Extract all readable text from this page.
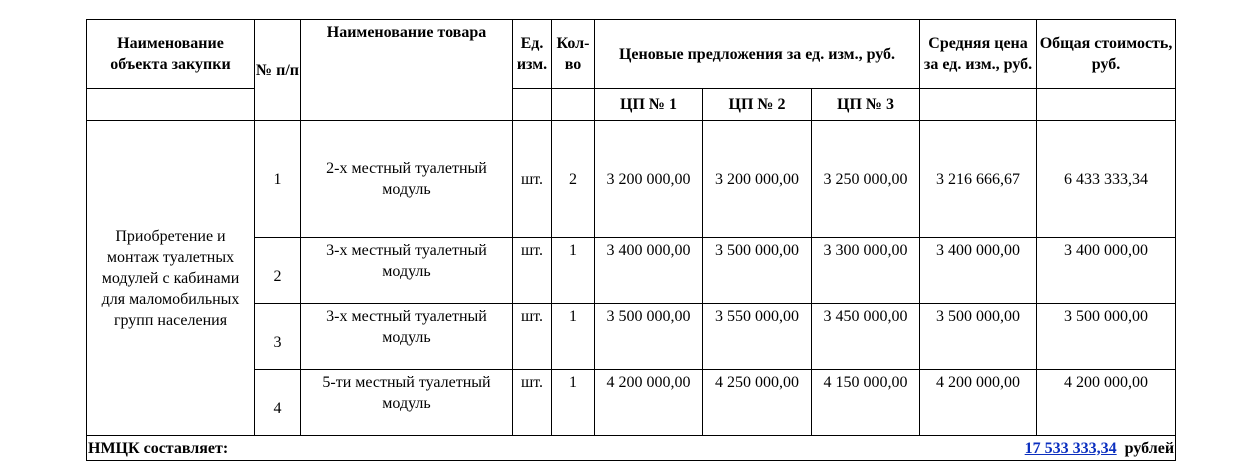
Наименование объекта закупки	№ п/п	Наименование товара	Ед. изм.	Кол-во	Ценовые предложения за ед. изм., руб.			Средняя цена за ед. изм., руб.	Общая стоимость, руб.
					ЦП № 1	ЦП № 2	ЦП № 3		
Приобретение и монтаж туалетных модулей с кабинами для маломобильных групп населения	1	2-х местный туалетный модуль	шт.	2	3 200 000,00	3 200 000,00	3 250 000,00	3 216 666,67	6 433 333,34
	2	3-х местный туалетный модуль	шт.	1	3 400 000,00	3 500 000,00	3 300 000,00	3 400 000,00	3 400 000,00
	3	3-х местный туалетный модуль	шт.	1	3 500 000,00	3 550 000,00	3 450 000,00	3 500 000,00	3 500 000,00
	4	5-ти местный туалетный модуль	шт.	1	4 200 000,00	4 250 000,00	4 150 000,00	4 200 000,00	4 200 000,00

НМЦК составляет: 17 533 333,34 рублей									
